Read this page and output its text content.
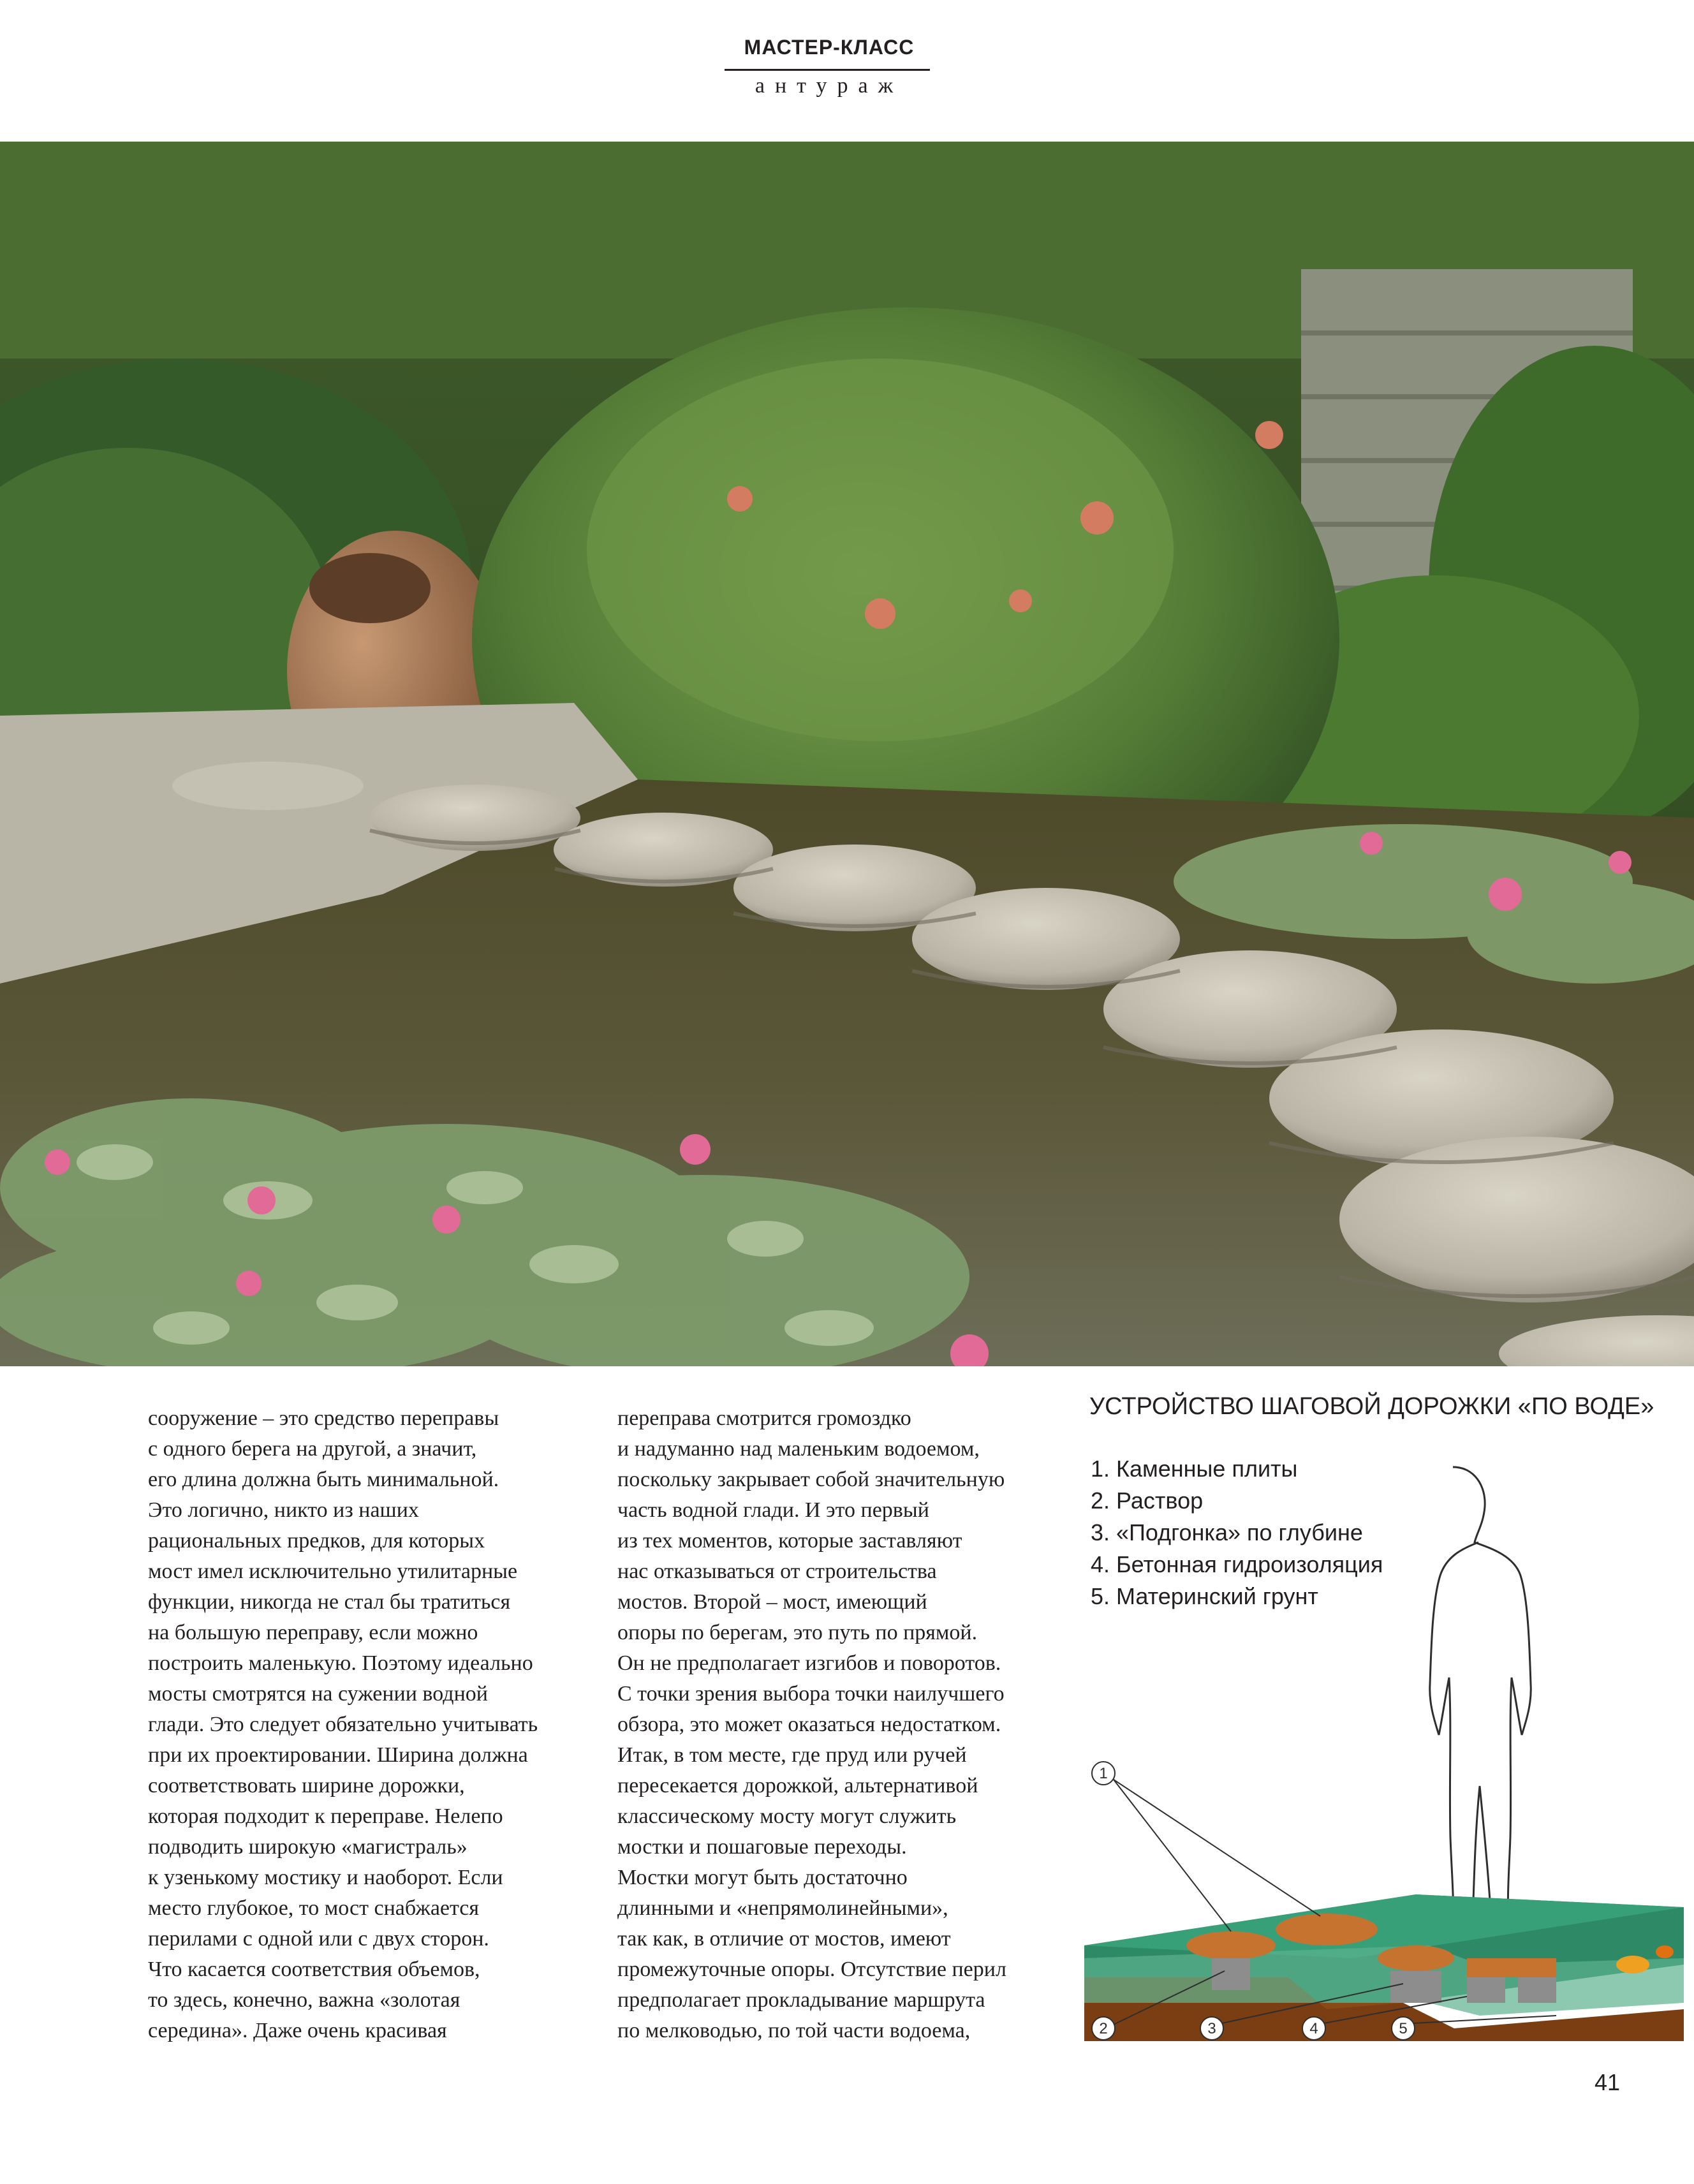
МАСТЕР-КЛАСС
антураж

сооружение – это средство переправы
с одного берега на другой, а значит,
его длина должна быть минимальной.
Это логично, никто из наших
рациональных предков, для которых
мост имел исключительно утилитарные
функции, никогда не стал бы тратиться
на большую переправу, если можно
построить маленькую. Поэтому идеально
мосты смотрятся на сужении водной
глади. Это следует обязательно учитывать
при их проектировании. Ширина должна
соответствовать ширине дорожки,
которая подходит к переправе. Нелепо
подводить широкую «магистраль»
к узенькому мостику и наоборот. Если
место глубокое, то мост снабжается
перилами с одной или с двух сторон.
Что касается соответствия объемов,
то здесь, конечно, важна «золотая
середина». Даже очень красивая

переправа смотрится громоздко
и надуманно над маленьким водоемом,
поскольку закрывает собой значительную
часть водной глади. И это первый
из тех моментов, которые заставляют
нас отказываться от строительства
мостов. Второй – мост, имеющий
опоры по берегам, это путь по прямой.
Он не предполагает изгибов и поворотов.
С точки зрения выбора точки наилучшего
обзора, это может оказаться недостатком.
Итак, в том месте, где пруд или ручей
пересекается дорожкой, альтернативой
классическому мосту могут служить
мостки и пошаговые переходы.
Мостки могут быть достаточно
длинными и «непрямолинейными»,
так как, в отличие от мостов, имеют
промежуточные опоры. Отсутствие перил
предполагает прокладывание маршрута
по мелководью, по той части водоема,

УСТРОЙСТВО ШАГОВОЙ ДОРОЖКИ «ПО ВОДЕ»
1. Каменные плиты
2. Раствор
3. «Подгонка» по глубине
4. Бетонная гидроизоляция
5. Материнский грунт
1
2	3	4	5
41
